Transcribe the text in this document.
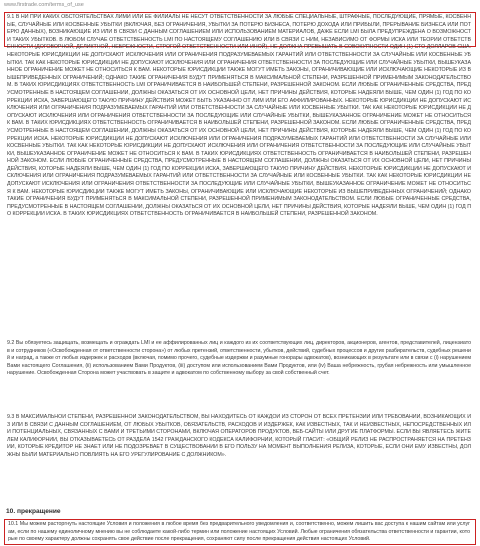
www.firstrade.com/terms_of_use

9.1 В НИ ПРИ КАКИХ ОБСТОЯТЕЛЬСТВАХ ЛИМИ ИЛИ ЕЕ ФИЛИАЛЫ НЕ НЕСУТ ОТВЕТСТВЕННОСТИ ЗА ЛЮБЫЕ СПЕЦИАЛЬНЫЕ, ШТРАФНЫЕ, ПОСЛЕДУЮЩИЕ, ПРЯМЫЕ, КОСВЕННЫЕ, СЛУЧАЙНЫЕ ИЛИ КОСВЕННЫЕ УБЫТКИ (ВКЛЮЧАЯ, БЕЗ ОГРАНИЧЕНИЯ, УБЫТКИ ЗА ПОТЕРЮ БИЗНЕСА, ПОТЕРЮ ДОХОДА ИЛИ ПРИБЫЛИ, ПРЕРЫВАНИЕ БИЗНЕСА ИЛИ ПОТЕРЮ ДАННЫХ), ВОЗНИКАЮЩИЕ ИЗ ИЛИ В СВЯЗИ С ДАННЫМ СОГЛАШЕНИЕМ ИЛИ ИСПОЛЬЗОВАНИЕМ МАТЕРИАЛОВ, ДАЖЕ ЕСЛИ LMI БЫЛА ПРЕДУПРЕЖДЕНА О ВОЗМОЖНОСТИ ТАКИХ УБЫТКОВ. В ЛЮБОМ СЛУЧАЕ ОТВЕТСТВЕННОСТЬ LMI ПО НАСТОЯЩЕМУ СОГЛАШЕНИЮ ИЛИ В СВЯЗИ С НИМ, НЕЗАВИСИМО ОТ ФОРМЫ ИСКА ИЛИ ТЕОРИИ ОТВЕТСТВЕННОСТИ (ДОГОВОРНОЙ, ДЕЛИКТНОЙ, НЕБРЕЖНОСТИ, СТРОГОЙ ОТВЕТСТВЕННОСТИ ИЛИ ИНОЙ), НЕ ДОЛЖНА ПРЕВЫШАТЬ В СОВОКУПНОСТИ ОДИН (1) СТО ДОЛЛАРОВ США. НЕКОТОРЫЕ ЮРИСДИКЦИИ НЕ ДОПУСКАЮТ ИСКЛЮЧЕНИЯ ИЛИ ОГРАНИЧЕНИЯ ПОДРАЗУМЕВАЕМЫХ ГАРАНТИЙ ИЛИ ОТВЕТСТВЕННОСТИ ЗА СЛУЧАЙНЫЕ ИЛИ КОСВЕННЫЕ УБЫТКИ. ТАК КАК НЕКОТОРЫЕ ЮРИСДИКЦИИ НЕ ДОПУСКАЮТ ИСКЛЮЧЕНИЯ ИЛИ ОГРАНИЧЕНИЯ ОТВЕТСТВЕННОСТИ ЗА ПОСЛЕДУЮЩИЕ ИЛИ СЛУЧАЙНЫЕ УБЫТКИ, ВЫШЕУКАЗАННОЕ ОГРАНИЧЕНИЕ МОЖЕТ НЕ ОТНОСИТЬСЯ К ВАМ. НЕКОТОРЫЕ ЮРИСДИКЦИИ ТАКЖЕ МОГУТ ИМЕТЬ ЗАКОНЫ, ОГРАНИЧИВАЮЩИЕ ИЛИ ИСКЛЮЧАЮЩИЕ НЕКОТОРЫЕ ИЗ ВЫШЕПРИВЕДЕННЫХ ОГРАНИЧЕНИЙ; ОДНАКО ТАКИЕ ОГРАНИЧЕНИЯ БУДУТ ПРИМЕНЯТЬСЯ В МАКСИМАЛЬНОЙ СТЕПЕНИ, РАЗРЕШЕННОЙ ПРИМЕНИМЫМ ЗАКОНОДАТЕЛЬСТВОМ. В ТАКИХ ЮРИСДИКЦИЯХ ОТВЕТСТВЕННОСТЬ LMI ОГРАНИЧИВАЕТСЯ В НАИБОЛЬШЕЙ СТЕПЕНИ, РАЗРЕШЕННОЙ ЗАКОНОМ. ЕСЛИ ЛЮБЫЕ ОГРАНИЧЕННЫЕ СРЕДСТВА, ПРЕДУСМОТРЕННЫЕ В НАСТОЯЩЕМ СОГЛАШЕНИИ, ДОЛЖНЫ ОКАЗАТЬСЯ ОТ ИХ ОСНОВНОЙ ЦЕЛИ, НЕТ ПРИЧИНЫ ДЕЙСТВИЯ, КОТОРЫЕ НАДЕЯЛИ ВЫШЕ, ЧЕМ ОДИН (1) ГОД ПО КОРРЕКЦИИ ИСКА, ЗАВЕРШАЮЩЕГО ТАКУЮ ПРИЧИНУ ДЕЙСТВИЯ МОЖЕТ БЫТЬ УКАЗАННО ОТ ЛИМ ИЛИ ЕГО АФФИЛИРОВАННЫХ. НЕКОТОРЫЕ ЮРИСДИКЦИИ НЕ ДОПУСКАЮТ ИСКЛЮЧЕНИЯ ИЛИ ОГРАНИЧЕНИЯ ПОДРАЗУМЕВАЕМЫХ ГАРАНТИЙ ИЛИ ОТВЕТСТВЕННОСТИ ЗА СЛУЧАЙНЫЕ ИЛИ КОСВЕННЫЕ УБЫТКИ. ТАК КАК НЕКОТОРЫЕ ЮРИСДИКЦИИ НЕ ДОПУСКАЮТ ИСКЛЮЧЕНИЯ ИЛИ ОГРАНИЧЕНИЯ ОТВЕТСТВЕННОСТИ ЗА ПОСЛЕДУЮЩИЕ ИЛИ СЛУЧАЙНЫЕ УБЫТКИ, ВЫШЕУКАЗАННОЕ ОГРАНИЧЕНИЕ МОЖЕТ НЕ ОТНОСИТЬСЯ К ВАМ. В ТАКИХ ЮРИСДИКЦИЯХ ОТВЕТСТВЕННОСТЬ ОГРАНИЧИВАЕТСЯ В НАИБОЛЬШЕЙ СТЕПЕНИ, РАЗРЕШЕННОЙ ЗАКОНОМ. ЕСЛИ ЛЮБЫЕ ОГРАНИЧЕННЫЕ СРЕДСТВА, ПРЕДУСМОТРЕННЫЕ В НАСТОЯЩЕМ СОГЛАШЕНИИ, ДОЛЖНЫ ОКАЗАТЬСЯ ОТ ИХ ОСНОВНОЙ ЦЕЛИ, НЕТ ПРИЧИНЫ ДЕЙСТВИЯ, КОТОРЫЕ НАДЕЯЛИ ВЫШЕ, ЧЕМ ОДИН (1) ГОД ПО КОРРЕКЦИИ ИСКА. НЕКОТОРЫЕ ЮРИСДИКЦИИ НЕ ДОПУСКАЮТ ИСКЛЮЧЕНИЯ ИЛИ ОГРАНИЧЕНИЯ ПОДРАЗУМЕВАЕМЫХ ГАРАНТИЙ ИЛИ ОТВЕТСТВЕННОСТИ ЗА СЛУЧАЙНЫЕ ИЛИ КОСВЕННЫЕ УБЫТКИ. ТАК КАК НЕКОТОРЫЕ ЮРИСДИКЦИИ НЕ ДОПУСКАЮТ ИСКЛЮЧЕНИЯ ИЛИ ОГРАНИЧЕНИЯ ОТВЕТСТВЕННОСТИ ЗА ПОСЛЕДУЮЩИЕ ИЛИ СЛУЧАЙНЫЕ УБЫТКИ, ВЫШЕУКАЗАННОЕ ОГРАНИЧЕНИЕ МОЖЕТ НЕ ОТНОСИТЬСЯ К ВАМ. В ТАКИХ ЮРИСДИКЦИЯХ ОТВЕТСТВЕННОСТЬ ОГРАНИЧИВАЕТСЯ В НАИБОЛЬШЕЙ СТЕПЕНИ, РАЗРЕШЕННОЙ ЗАКОНОМ. ЕСЛИ ЛЮБЫЕ ОГРАНИЧЕННЫЕ СРЕДСТВА, ПРЕДУСМОТРЕННЫЕ В НАСТОЯЩЕМ СОГЛАШЕНИИ, ДОЛЖНЫ ОКАЗАТЬСЯ ОТ ИХ ОСНОВНОЙ ЦЕЛИ, НЕТ ПРИЧИНЫ ДЕЙСТВИЯ, КОТОРЫЕ НАДЕЯЛИ ВЫШЕ, ЧЕМ ОДИН (1) ГОД ПО КОРРЕКЦИИ ИСКА, ЗАВЕРШАЮЩЕГО ТАКУЮ ПРИЧИНУ ДЕЙСТВИЯ. НЕКОТОРЫЕ ЮРИСДИКЦИИ НЕ ДОПУСКАЮТ ИСКЛЮЧЕНИЯ ИЛИ ОГРАНИЧЕНИЯ ПОДРАЗУМЕВАЕМЫХ ГАРАНТИЙ ИЛИ ОТВЕТСТВЕННОСТИ ЗА СЛУЧАЙНЫЕ ИЛИ КОСВЕННЫЕ УБЫТКИ. ТАК КАК НЕКОТОРЫЕ ЮРИСДИКЦИИ НЕ ДОПУСКАЮТ ИСКЛЮЧЕНИЯ ИЛИ ОГРАНИЧЕНИЯ ОТВЕТСТВЕННОСТИ ЗА ПОСЛЕДУЮЩИЕ ИЛИ СЛУЧАЙНЫЕ УБЫТКИ, ВЫШЕУКАЗАННОЕ ОГРАНИЧЕНИЕ МОЖЕТ НЕ ОТНОСИТЬСЯ К ВАМ. НЕКОТОРЫЕ ЮРИСДИКЦИИ ТАКЖЕ МОГУТ ИМЕТЬ ЗАКОНЫ, ОГРАНИЧИВАЮЩИЕ ИЛИ ИСКЛЮЧАЮЩИЕ НЕКОТОРЫЕ ИЗ ВЫШЕПРИВЕДЕННЫХ ОГРАНИЧЕНИЙ; ОДНАКО ТАКИЕ ОГРАНИЧЕНИЯ БУДУТ ПРИМЕНЯТЬСЯ В МАКСИМАЛЬНОЙ СТЕПЕНИ, РАЗРЕШЕННОЙ ПРИМЕНИМЫМ ЗАКОНОДАТЕЛЬСТВОМ. ЕСЛИ ЛЮБЫЕ ОГРАНИЧЕННЫЕ СРЕДСТВА, ПРЕДУСМОТРЕННЫЕ В НАСТОЯЩЕМ СОГЛАШЕНИИ, ДОЛЖНЫ ОКАЗАТЬСЯ ОТ ИХ ОСНОВНОЙ ЦЕЛИ, НЕТ ПРИЧИНЫ ДЕЙСТВИЯ, КОТОРЫЕ НАДЕЯЛИ ВЫШЕ, ЧЕМ ОДИН (1) ГОД ПО КОРРЕКЦИИ ИСКА. В ТАКИХ ЮРИСДИКЦИЯХ ОТВЕТСТВЕННОСТЬ ОГРАНИЧИВАЕТСЯ В НАИБОЛЬШЕЙ СТЕПЕНИ, РАЗРЕШЕННОЙ ЗАКОНОМ.

9.2 Вы обязуетесь защищать, возмещать и ограждать LMI и ее аффилированных лиц и каждого из их соответствующих лиц, директоров, акционеров, агентов, представителей, лицензиатов и сотрудников («Освобожденная от ответственности сторона») от любых претензий, ответственности, убытков, действий, судебных процессов и других разбирательств, судебных решений и наград, а также от любых издержек и расходов (включая, помимо прочего, судебные издержки и разумные гонорары адвокатов), возникающих в результате или в связи с (i) нарушением Вами настоящего Соглашения, (ii) использованием Вами Продуктов, (iii) доступом или использованием Вами Продуктов, или (iv) Ваша небрежность, грубая небрежность или умышленное нарушение. Освобожденная Сторона может участвовать в защите и адвокатом по собственному выбору за свой собственный счет.

9.3 В МАКСИМАЛЬНОЙ СТЕПЕНИ, РАЗРЕШЕННОЙ ЗАКОНОДАТЕЛЬСТВОМ, ВЫ НАХОДИТЕСЬ ОТ КАЖДОЙ ИЗ СТОРОН ОТ ВСЕХ ПРЕТЕНЗИЙ ИЛИ ТРЕБОВАНИЙ, ВОЗНИКАЮЩИХ ИЗ ИЛИ В СВЯЗИ С ДАННЫМ СОГЛАШЕНИЕМ, ОТ ЛЮБЫХ УБЫТКОВ, ОБЯЗАТЕЛЬСТВ, РАСХОДОВ И ИЗДЕРЖЕК, КАК ИЗВЕСТНЫХ, ТАК И НЕИЗВЕСТНЫХ, НЕПОСРЕДСТВЕННЫХ ИЛИ ПОТЕНЦИАЛЬНЫХ, СВЯЗАННЫХ С ВАМИ И ТРЕТЬИМИ СТОРОНАМИ, ВКЛЮЧАЯ ОПЕРАТОРОВ ПРОДУКТОВ, ВЕБ-САЙТЫ ИЛИ ДРУГИЕ ПЛАТФОРМЫ. ЕСЛИ ВЫ ЯВЛЯЕТЕСЬ ЖИТЕЛЕМ КАЛИФОРНИИ, ВЫ ОТКАЗЫВАЕТЕСЬ ОТ РАЗДЕЛА 1542 ГРАЖДАНСКОГО КОДЕКСА КАЛИФОРНИИ, КОТОРЫЙ ГЛАСИТ: «ОБЩИЙ РЕЛИЗ НЕ РАСПРОСТРАНЯЕТСЯ НА ПРЕТЕНЗИИ, КОТОРЫЕ КРЕДИТОР НЕ ЗНАЕТ ИЛИ НЕ ПОДОЗРЕВАЕТ В СУЩЕСТВОВАНИИ В ЕГО ПОЛЬЗУ НА МОМЕНТ ВЫПОЛНЕНИЯ РЕЛИЗА, КОТОРЫЕ, ЕСЛИ ОНИ ЕМУ ИЗВЕСТНЫ, ДОЛЖНЫ БЫЛИ МАТЕРИАЛЬНО ПОВЛИЯТЬ НА ЕГО УРЕГУЛИРОВАНИЕ С ДОЛЖНИКОМ».

10. прекращение

10.1 Мы можем расторгнуть настоящие Условия и положения в любое время без предварительного уведомления и, соответственно, можем лишить вас доступа к нашим сайтам или услугам, если по нашему единоличному мнению вы не соблюдаете какой-либо термин или положение настоящих Условий. Любые ограничения обязательства ответственности и гарантии, которые по своему характеру должны сохранять свое действие после прекращения, сохраняют силу после прекращения действия настоящих Условий.
